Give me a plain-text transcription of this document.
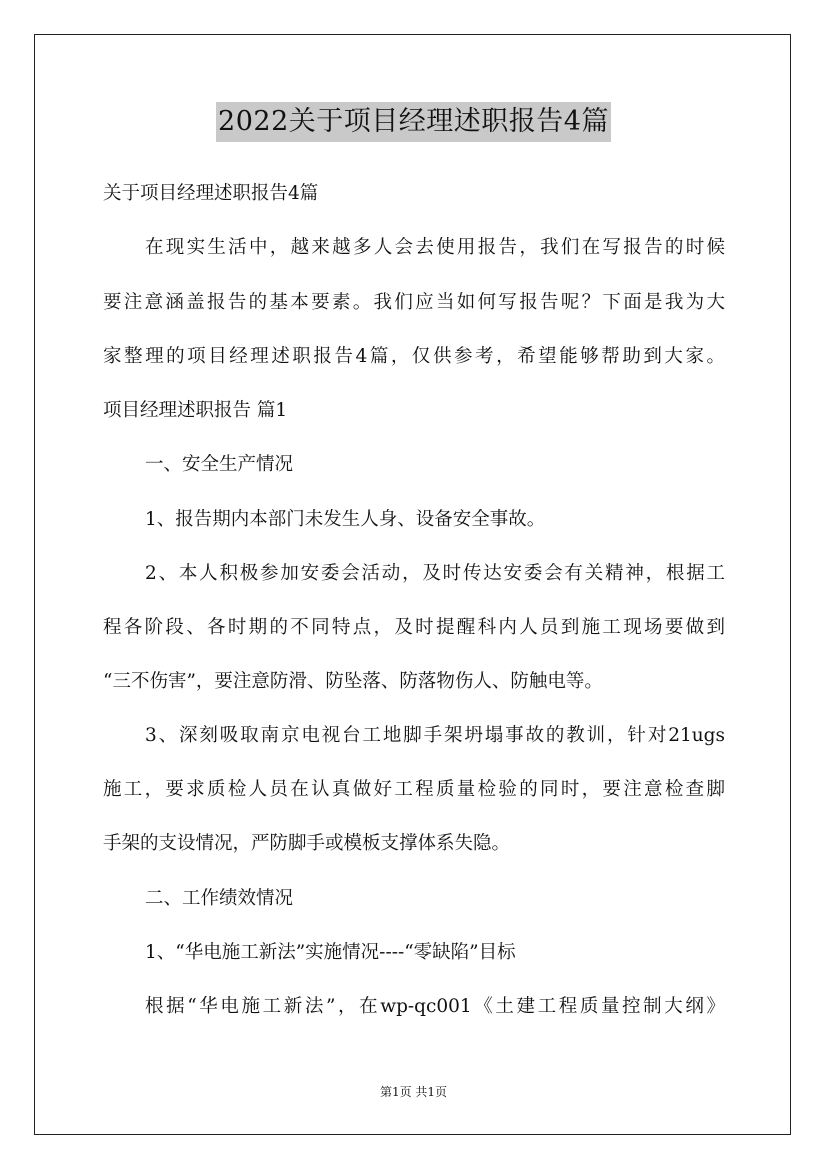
2022关于项目经理述职报告4篇
关于项目经理述职报告4篇
在现实生活中，越来越多人会去使用报告，我们在写报告的时候
要注意涵盖报告的基本要素。我们应当如何写报告呢？下面是我为大
家整理的项目经理述职报告4篇，仅供参考，希望能够帮助到大家。
项目经理述职报告 篇1
一、安全生产情况
1、报告期内本部门未发生人身、设备安全事故。
2、本人积极参加安委会活动，及时传达安委会有关精神，根据工
程各阶段、各时期的不同特点，及时提醒科内人员到施工现场要做到
“三不伤害”，要注意防滑、防坠落、防落物伤人、防触电等。
3、深刻吸取南京电视台工地脚手架坍塌事故的教训，针对21ugs
施工，要求质检人员在认真做好工程质量检验的同时，要注意检查脚
手架的支设情况，严防脚手或模板支撑体系失隐。
二、工作绩效情况
1、“华电施工新法”实施情况----“零缺陷”目标
根据“华电施工新法”，在wp-qc001《土建工程质量控制大纲》
第1页 共1页
